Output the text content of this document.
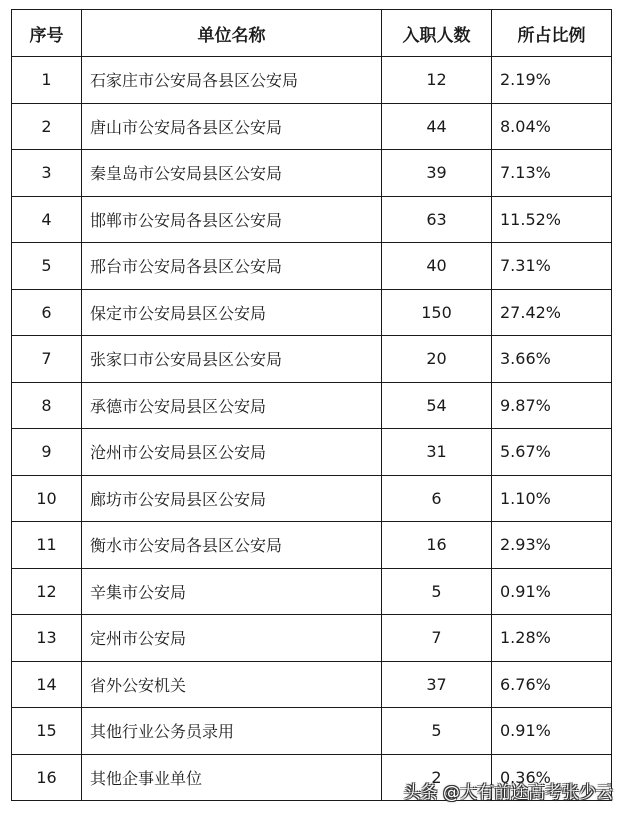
序号	单位名称	入职人数	所占比例
1	石家庄市公安局各县区公安局	12	2.19%
2	唐山市公安局各县区公安局	44	8.04%
3	秦皇岛市公安局县区公安局	39	7.13%
4	邯郸市公安局各县区公安局	63	11.52%
5	邢台市公安局各县区公安局	40	7.31%
6	保定市公安局县区公安局	150	27.42%
7	张家口市公安局县区公安局	20	3.66%
8	承德市公安局县区公安局	54	9.87%
9	沧州市公安局县区公安局	31	5.67%
10	廊坊市公安局县区公安局	6	1.10%
11	衡水市公安局各县区公安局	16	2.93%
12	辛集市公安局	5	0.91%
13	定州市公安局	7	1.28%
14	省外公安机关	37	6.76%
15	其他行业公务员录用	5	0.91%
16	其他企事业单位	2	0.36%
头条 @大有前途高考张少云
